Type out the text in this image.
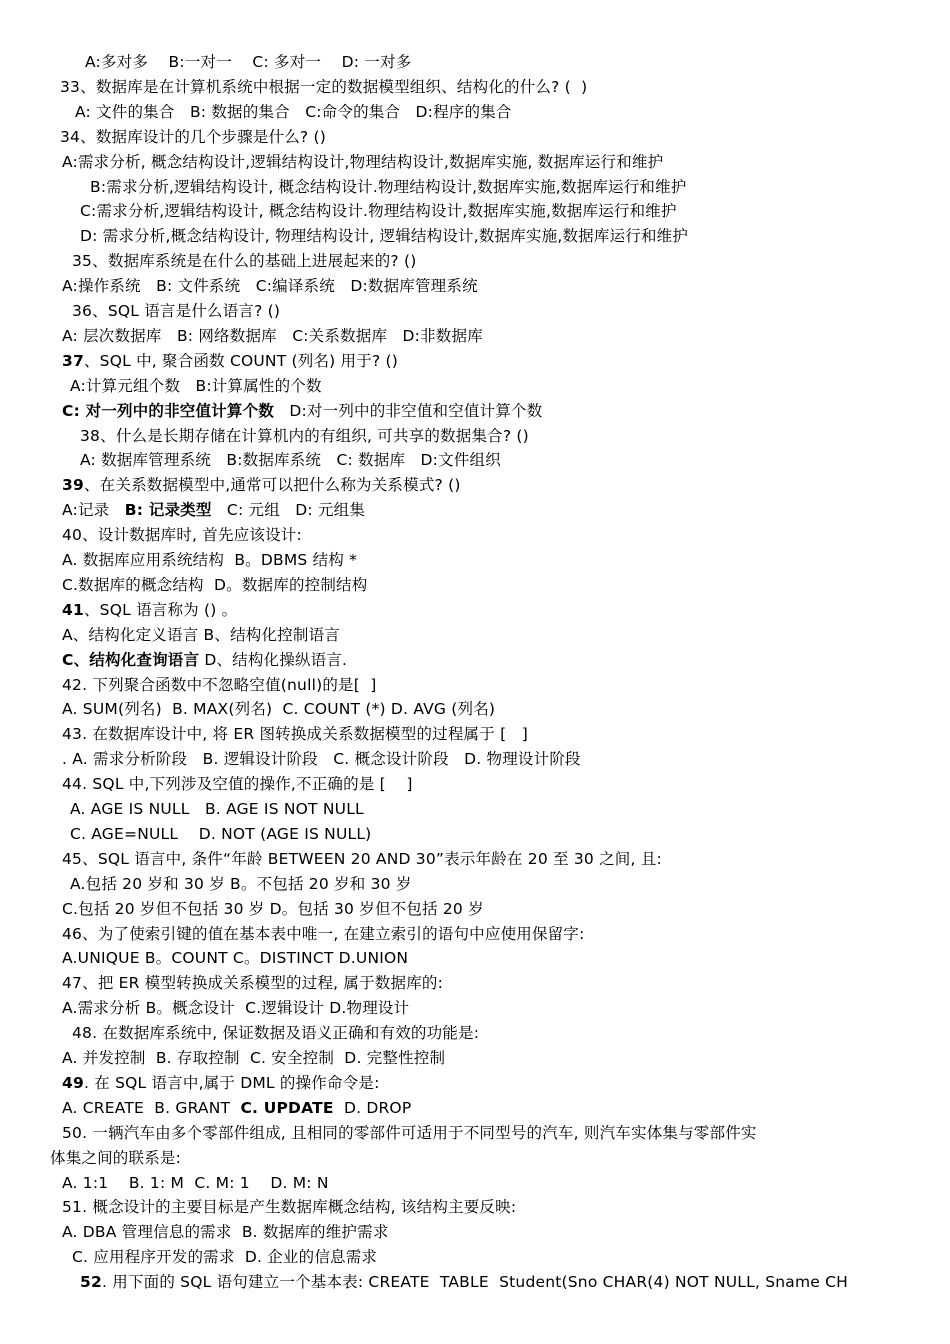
A:多对多    B:一对一    C: 多对一    D: 一对多
33、数据库是在计算机系统中根据一定的数据模型组织、结构化的什么? (  )
A: 文件的集合   B: 数据的集合   C:命令的集合   D:程序的集合
34、数据库设计的几个步骤是什么? ()
A:需求分析, 概念结构设计,逻辑结构设计,物理结构设计,数据库实施, 数据库运行和维护
B:需求分析,逻辑结构设计, 概念结构设计.物理结构设计,数据库实施,数据库运行和维护
C:需求分析,逻辑结构设计, 概念结构设计.物理结构设计,数据库实施,数据库运行和维护
D: 需求分析,概念结构设计, 物理结构设计, 逻辑结构设计,数据库实施,数据库运行和维护
35、数据库系统是在什么的基础上进展起来的? ()
A:操作系统   B: 文件系统   C:编译系统   D:数据库管理系统
36、SQL 语言是什么语言? ()
A: 层次数据库   B: 网络数据库   C:关系数据库   D:非数据库
37、SQL 中, 聚合函数 COUNT (列名) 用于? ()
A:计算元组个数   B:计算属性的个数
C: 对一列中的非空值计算个数   D:对一列中的非空值和空值计算个数
38、什么是长期存储在计算机内的有组织, 可共享的数据集合? ()
A: 数据库管理系统   B:数据库系统   C: 数据库   D:文件组织
39、在关系数据模型中,通常可以把什么称为关系模式? ()
A:记录   B: 记录类型   C: 元组   D: 元组集
40、设计数据库时, 首先应该设计:
A. 数据库应用系统结构  B。DBMS 结构 *
C.数据库的概念结构  D。数据库的控制结构
41、SQL 语言称为 () 。
A、结构化定义语言 B、结构化控制语言
C、结构化查询语言 D、结构化操纵语言.
42. 下列聚合函数中不忽略空值(null)的是[  ]
A. SUM(列名)  B. MAX(列名)  C. COUNT (*) D. AVG (列名)
43. 在数据库设计中, 将 ER 图转换成关系数据模型的过程属于 [   ]
. A. 需求分析阶段   B. 逻辑设计阶段   C. 概念设计阶段   D. 物理设计阶段
44. SQL 中,下列涉及空值的操作,不正确的是 [    ]
A. AGE IS NULL   B. AGE IS NOT NULL
C. AGE=NULL    D. NOT (AGE IS NULL)
45、SQL 语言中, 条件“年龄 BETWEEN 20 AND 30”表示年龄在 20 至 30 之间, 且:
A.包括 20 岁和 30 岁 B。不包括 20 岁和 30 岁
C.包括 20 岁但不包括 30 岁 D。包括 30 岁但不包括 20 岁
46、为了使索引键的值在基本表中唯一, 在建立索引的语句中应使用保留字:
A.UNIQUE B。COUNT C。DISTINCT D.UNION
47、把 ER 模型转换成关系模型的过程, 属于数据库的:
A.需求分析 B。概念设计  C.逻辑设计 D.物理设计
48. 在数据库系统中, 保证数据及语义正确和有效的功能是:
A. 并发控制  B. 存取控制  C. 安全控制  D. 完整性控制
49. 在 SQL 语言中,属于 DML 的操作命令是:
A. CREATE  B. GRANT  C. UPDATE  D. DROP
50. 一辆汽车由多个零部件组成, 且相同的零部件可适用于不同型号的汽车, 则汽车实体集与零部件实
体集之间的联系是:
A. 1:1    B. 1: M  C. M: 1    D. M: N
51. 概念设计的主要目标是产生数据库概念结构, 该结构主要反映:
A. DBA 管理信息的需求  B. 数据库的维护需求
C. 应用程序开发的需求  D. 企业的信息需求
52. 用下面的 SQL 语句建立一个基本表: CREATE  TABLE  Student(Sno CHAR(4) NOT NULL, Sname CH
